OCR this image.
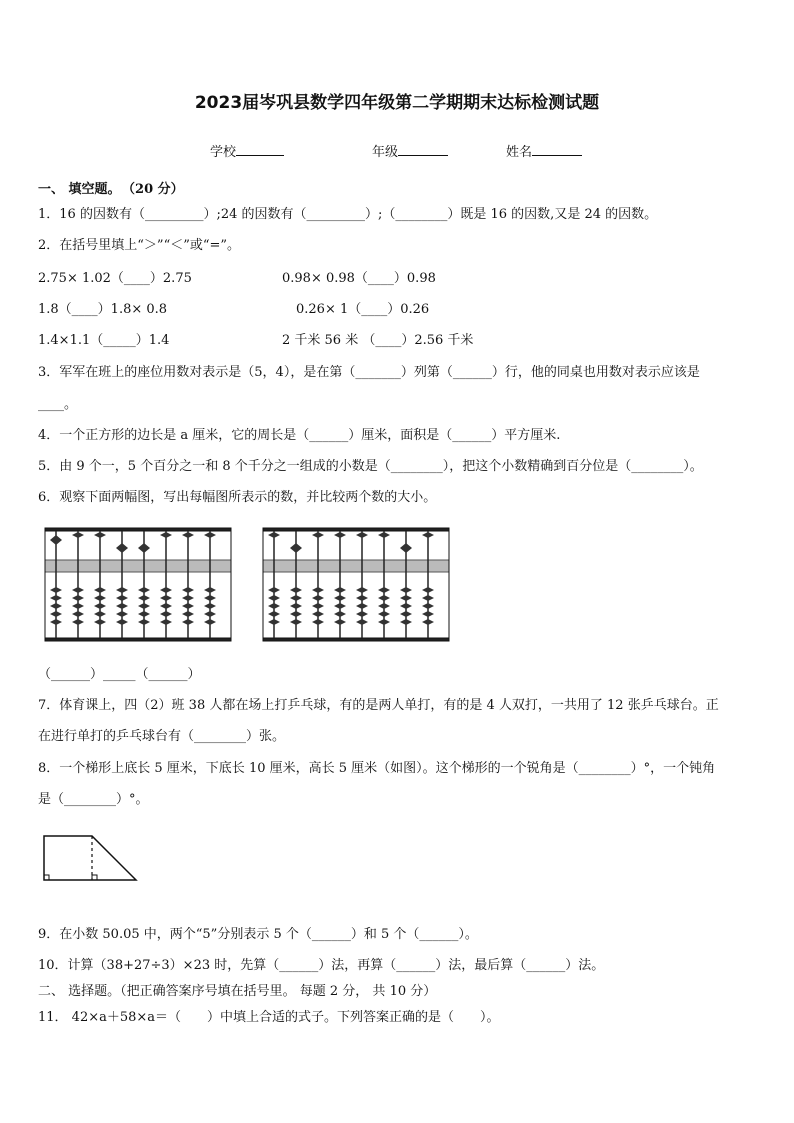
2023届岑巩县数学四年级第二学期期末达标检测试题
学校	年级	姓名
一、 填空题。 （20 分）
1．16 的因数有（_________）;24 的因数有（_________）;（________）既是 16 的因数,又是 24 的因数。
2．在括号里填上“＞”“＜”或“=”。
2.75× 1.02（____）2.75	0.98× 0.98（____）0.98
1.8（____）1.8× 0.8	0.26× 1（____）0.26
1.4×1.1（_____）1.4	2 千米 56 米 （____）2.56 千米
3．军军在班上的座位用数对表示是（5，4），是在第（_______）列第（______）行，他的同桌也用数对表示应该是
____。
4．一个正方形的边长是 a 厘米，它的周长是（______）厘米，面积是（______）平方厘米.
5．由 9 个一，5 个百分之一和 8 个千分之一组成的小数是（________），把这个小数精确到百分位是（________）。
6．观察下面两幅图，写出每幅图所表示的数，并比较两个数的大小。
（______）_____（______）
7．体育课上，四（2）班 38 人都在场上打乒乓球，有的是两人单打，有的是 4 人双打，一共用了 12 张乒乓球台。正
在进行单打的乒乓球台有（________）张。
8．一个梯形上底长 5 厘米，下底长 10 厘米，高长 5 厘米（如图）。这个梯形的一个锐角是（________）°，一个钝角
是（________）°。
9．在小数 50.05 中，两个“5”分别表示 5 个（______）和 5 个（______）。
10．计算（38+27÷3）×23 时，先算（______）法，再算（______）法，最后算（______）法。
二、 选择题。（把正确答案序号填在括号里。 每题 2 分， 共 10 分）
11． 42×a＋58×a＝（　　）中填上合适的式子。下列答案正确的是（　　）。
